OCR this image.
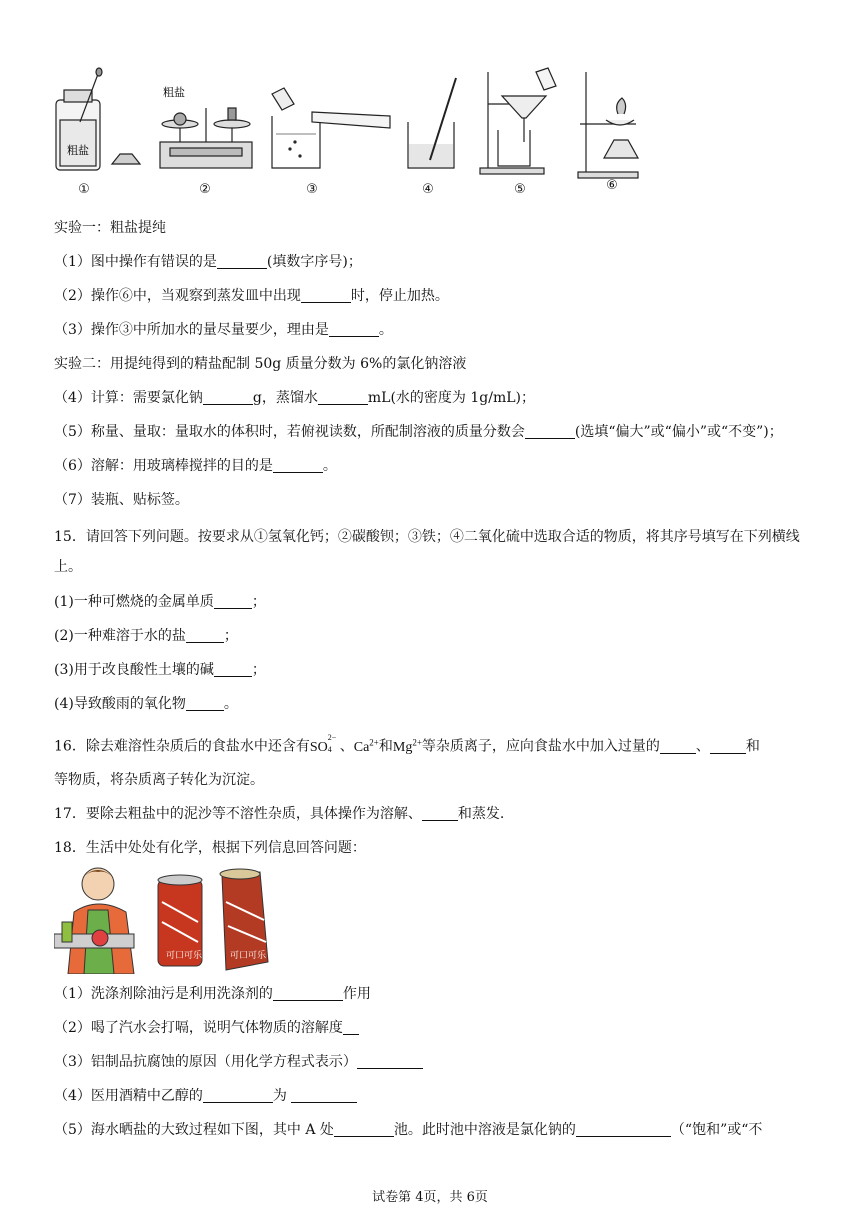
粗盐
粗盐
①	②	③	④	⑤	⑥
实验一：粗盐提纯
（1）图中操作有错误的是	(填数字序号)；
（2）操作⑥中，当观察到蒸发皿中出现	时，停止加热。
（3）操作③中所加水的量尽量要少，理由是	。
实验二：用提纯得到的精盐配制 50g 质量分数为 6%的氯化钠溶液
（4）计算：需要氯化钠	g，蒸馏水	mL(水的密度为 1g/mL)；
（5）称量、量取：量取水的体积时，若俯视读数，所配制溶液的质量分数会	(选填“偏大”或“偏小”或“不变”)；
（6）溶解：用玻璃棒搅拌的目的是	。
（7）装瓶、贴标签。
15．请回答下列问题。按要求从①氢氧化钙；②碳酸钡；③铁；④二氧化硫中选取合适的物质，将其序号填写在下列横线上。
(1)一种可燃烧的金属单质	；
(2)一种难溶于水的盐	；
(3)用于改良酸性土壤的碱	；
(4)导致酸雨的氧化物	。
16．除去难溶性杂质后的食盐水中还含有SO
2−
4 、$Ca^{2+}$和$Mg^{2+}$等杂质离子，应向食盐水中加入过量的	、	和
等物质，将杂质离子转化为沉淀。
17．要除去粗盐中的泥沙等不溶性杂质，具体操作为溶解、	和蒸发.
18．生活中处处有化学，根据下列信息回答问题：
可口可乐	可口可乐
（1）洗涤剂除油污是利用洗涤剂的	作用
（2）喝了汽水会打嗝，说明气体物质的溶解度
（3）铝制品抗腐蚀的原因（用化学方程式表示）
（4）医用酒精中乙醇的	为
（5）海水晒盐的大致过程如下图，其中 A 处	池。此时池中溶液是氯化钠的	（“饱和”或“不
试卷第 4页，共 6页
